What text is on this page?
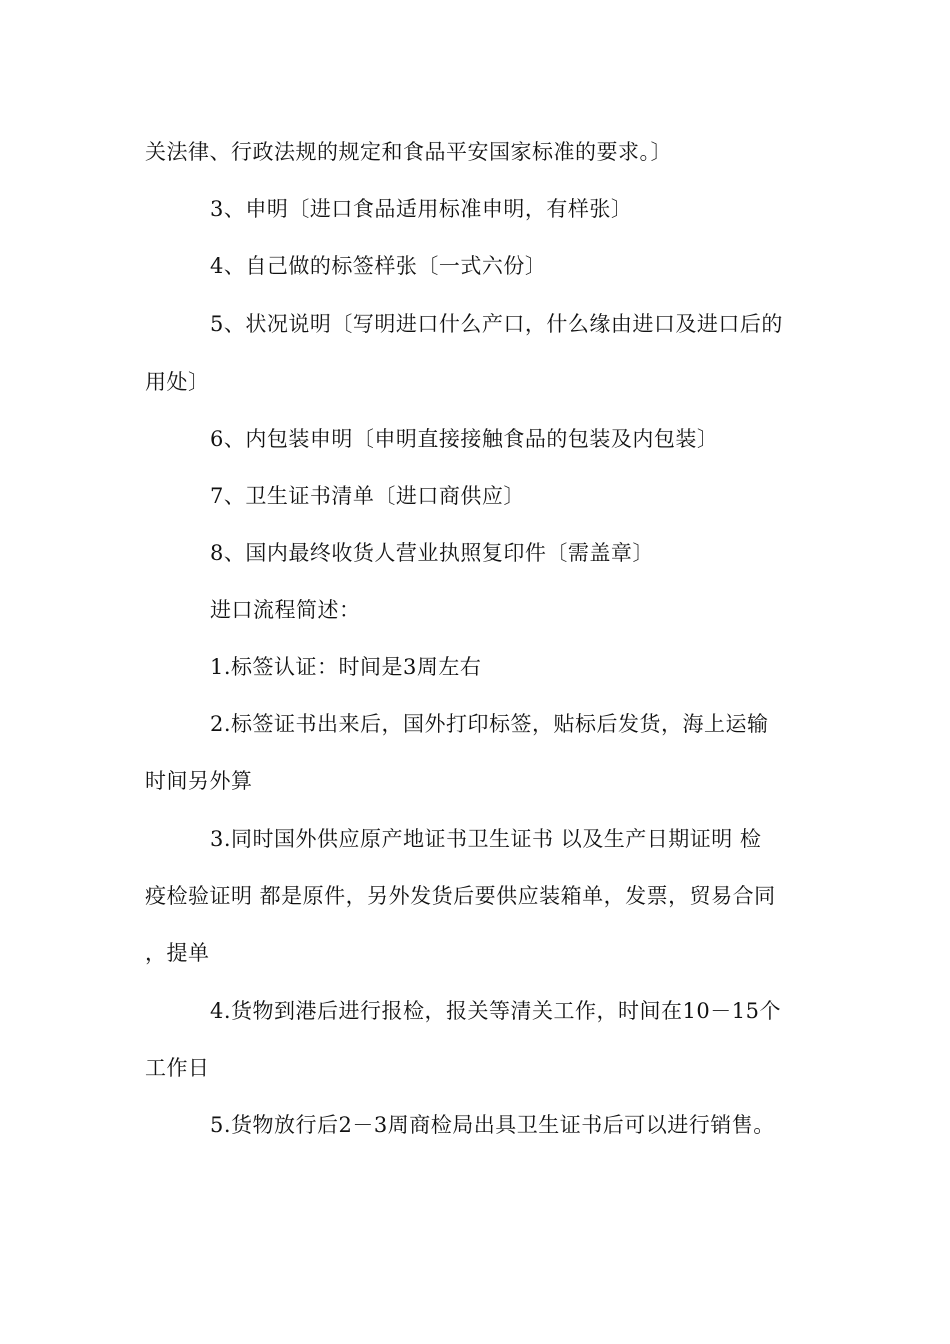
关法律、行政法规的规定和食品平安国家标准的要求。〕
3、申明〔进口食品适用标准申明，有样张〕
4、自己做的标签样张〔一式六份〕
5、状况说明〔写明进口什么产口，什么缘由进口及进口后的
用处〕
6、内包装申明〔申明直接接触食品的包装及内包装〕
7、卫生证书清单〔进口商供应〕
8、国内最终收货人营业执照复印件〔需盖章〕
进口流程简述：
1.标签认证：时间是3周左右
2.标签证书出来后，国外打印标签，贴标后发货，海上运输
时间另外算
3.同时国外供应原产地证书卫生证书 以及生产日期证明 检
疫检验证明 都是原件，另外发货后要供应装箱单，发票，贸易合同
，提单
4.货物到港后进行报检，报关等清关工作，时间在10－15个
工作日
5.货物放行后2－3周商检局出具卫生证书后可以进行销售。
